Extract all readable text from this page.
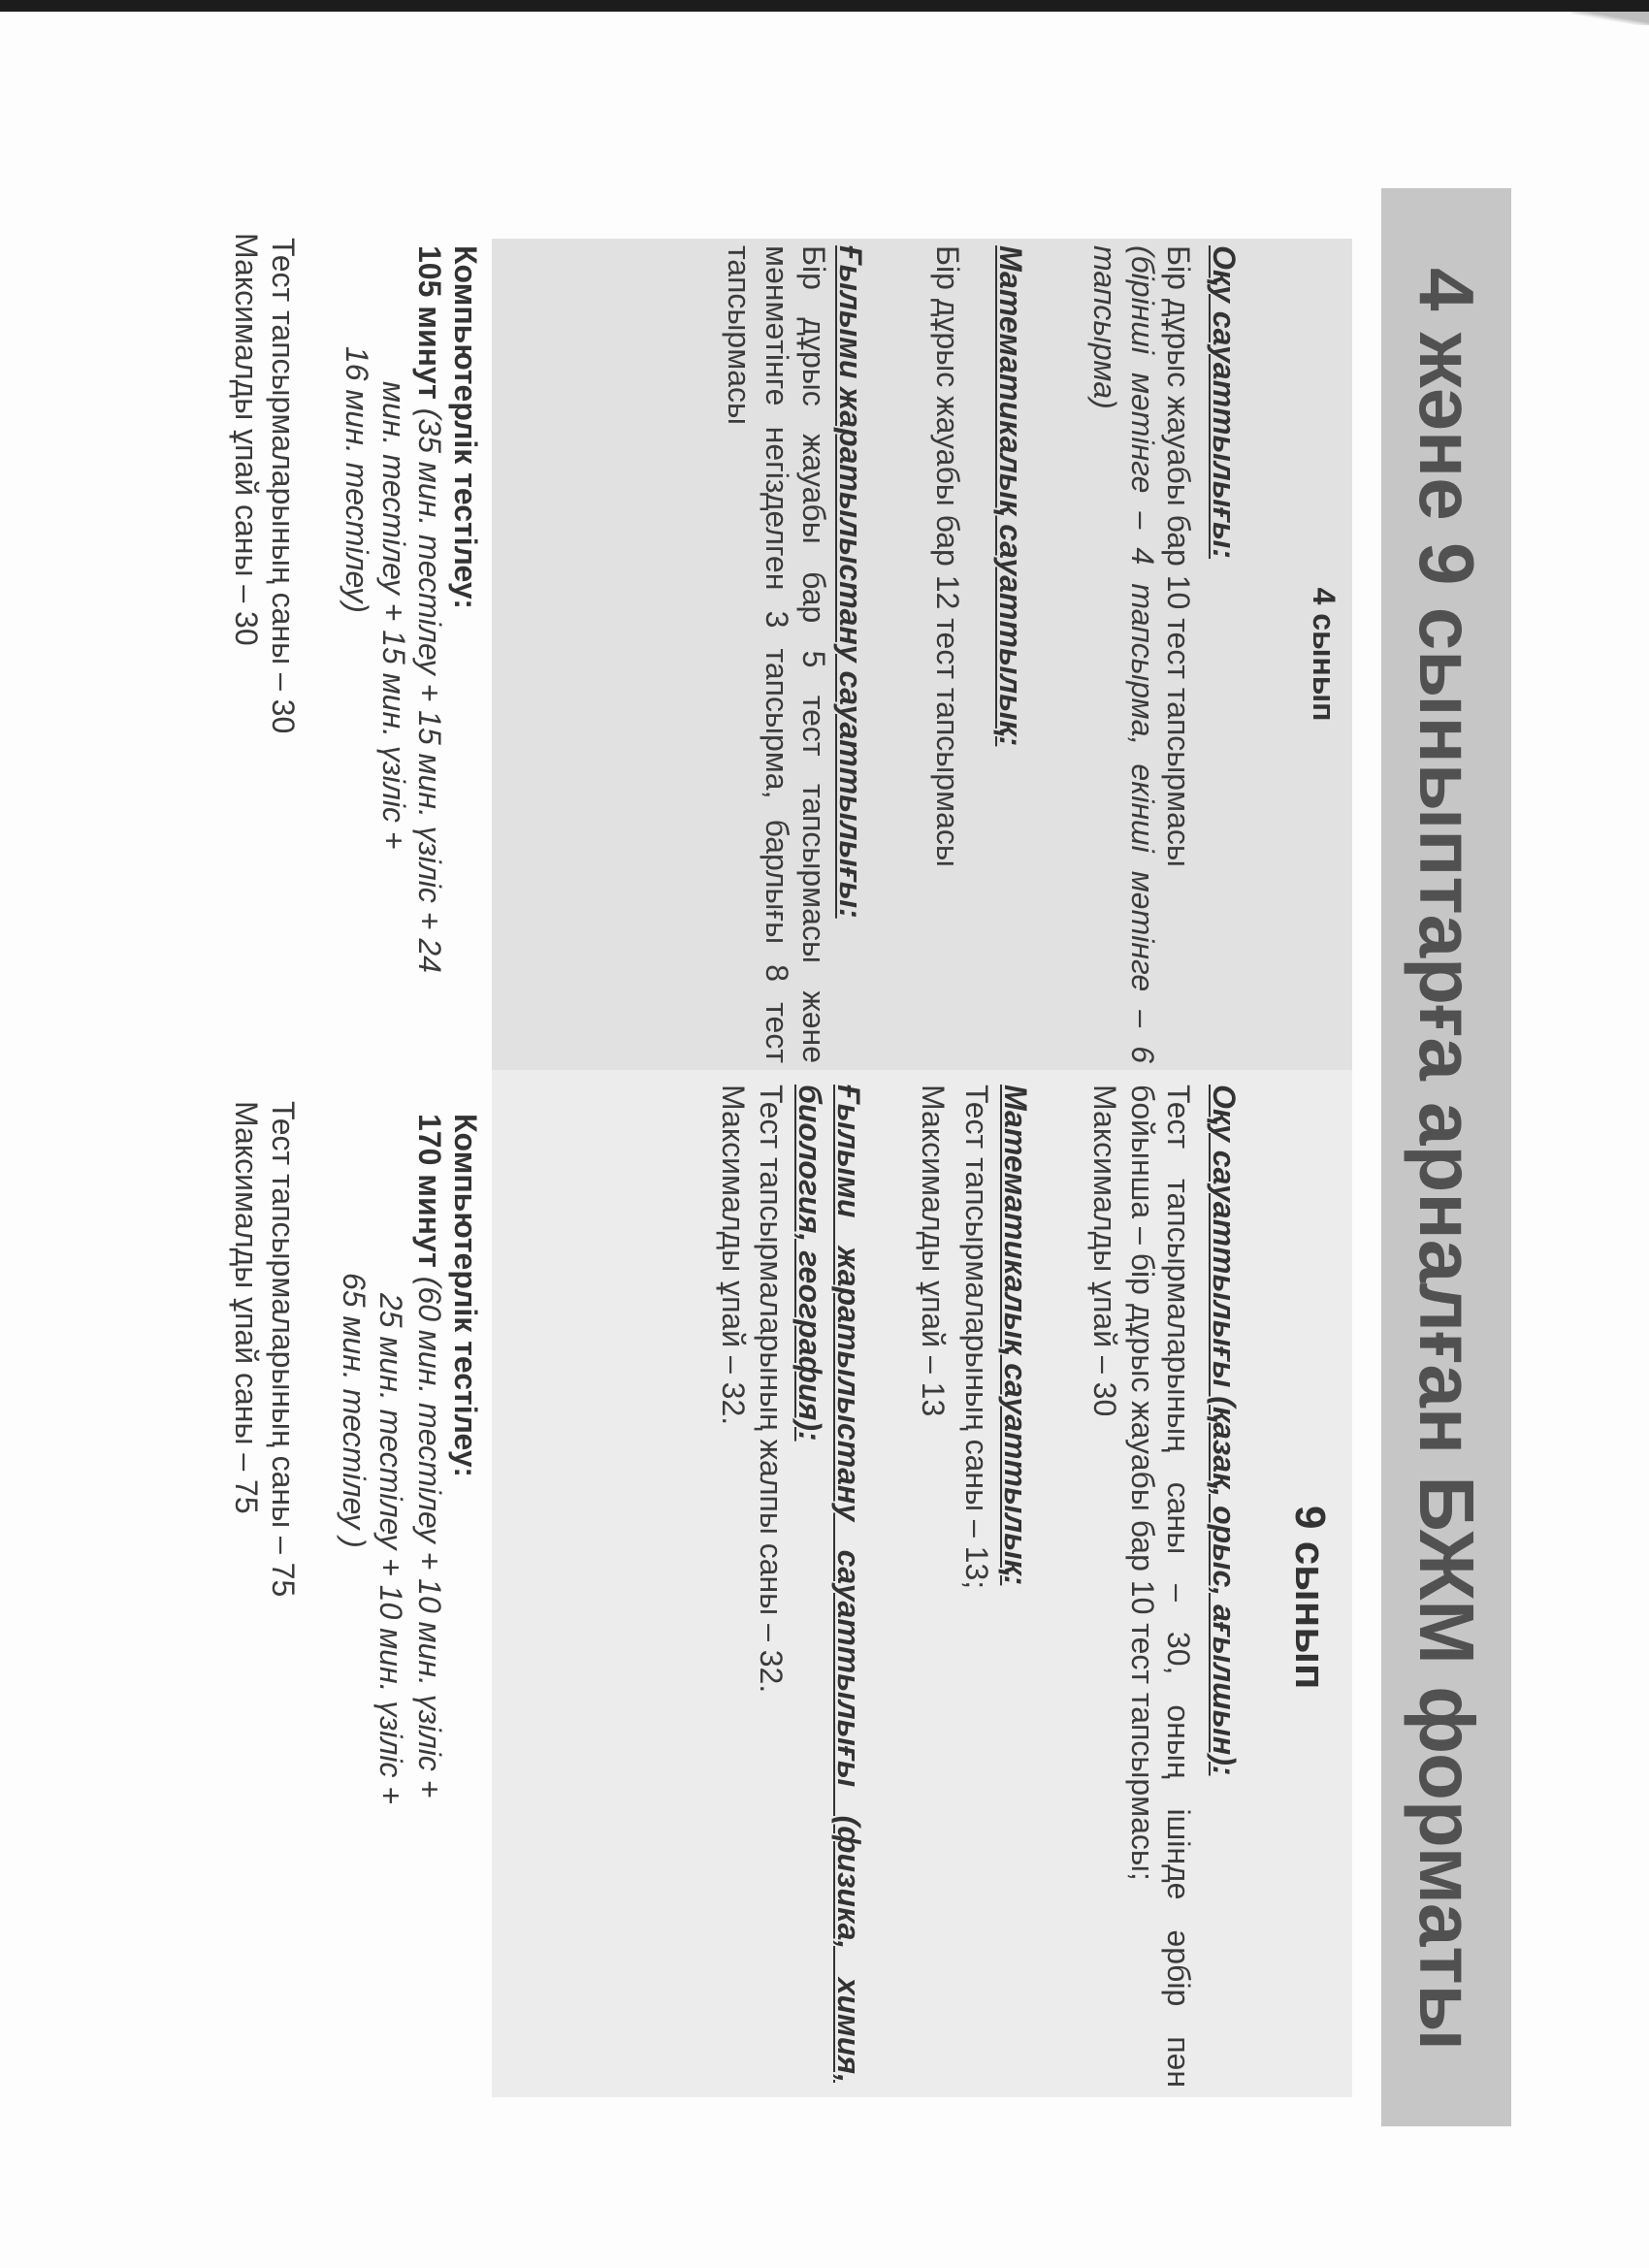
4 және 9 сыныптарға арналған БЖМ форматы
4 сынып
Оқу сауаттылығы:
Бір дұрыс жауабы бар 10 тест тапсырмасы
(бірінші мәтінге – 4 тапсырма, екінші мәтінге – 6
тапсырма)
Математикалық сауаттылық:
Бір дұрыс жауабы бар 12 тест тапсырмасы
Ғылыми жаратылыстану сауаттылығы:
Бір дұрыс жауабы бар 5 тест тапсырмасы және
мәнмәтінге негізделген 3 тапсырма, барлығы 8 тест
тапсырмасы
Компьютерлік тестілеу:
105 минут(35 мин. тестілеу + 15 мин. үзіліс + 24
мин. тестілеу + 15 мин. үзіліс +
16 мин. тестілеу)
Тест тапсырмаларының саны – 30
Максималды ұпай саны – 30
9 сынып
Оқу сауаттылығы (қазақ, орыс, ағылшын):
Тест тапсырмаларының саны – 30, оның ішінде әрбір пән
бойынша – бір дұрыс жауабы бар 10 тест тапсырмасы;
Максималды ұпай – 30
Математикалық сауаттылық:
Тест тапсырмаларының саны – 13;
Максималды ұпай – 13
Ғылыми жаратылыстану сауаттылығы (физика, химия,
биология, география):
Тест тапсырмаларының жалпы саны – 32.
Максималды ұпай – 32.
Компьютерлік тестілеу:
170 минут(60 мин. тестілеу + 10 мин. үзіліс +
25 мин. тестілеу + 10 мин. үзіліс +
65 мин. тестілеу )
Тест тапсырмаларының саны – 75
Максималды ұпай саны – 75
